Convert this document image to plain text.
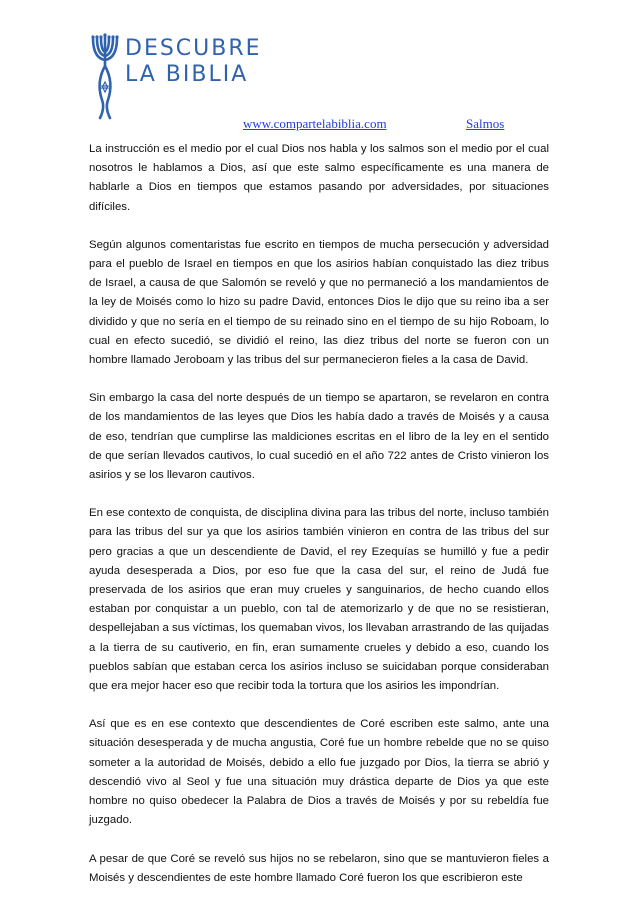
DESCUBRE
LA BIBLIA
www.compartelabiblia.com	Salmos

La instrucción es el medio por el cual Dios nos habla y los salmos son el medio por el cual nosotros le hablamos a Dios, así que este salmo específicamente es una manera de hablarle a Dios en tiempos que estamos pasando por adversidades, por situaciones difíciles.

Según algunos comentaristas fue escrito en tiempos de mucha persecución y adversidad para el pueblo de Israel en tiempos en que los asirios habían conquistado las diez tribus de Israel, a causa de que Salomón se reveló y que no permaneció a los mandamientos de la ley de Moisés como lo hizo su padre David, entonces Dios le dijo que su reino iba a ser dividido y que no sería en el tiempo de su reinado sino en el tiempo de su hijo Roboam, lo cual en efecto sucedió, se dividió el reino, las diez tribus del norte se fueron con un hombre llamado Jeroboam y las tribus del sur permanecieron fieles a la casa de David.

Sin embargo la casa del norte después de un tiempo se apartaron, se revelaron en contra de los mandamientos de las leyes que Dios les había dado a través de Moisés y a causa de eso, tendrían que cumplirse las maldiciones escritas en el libro de la ley en el sentido de que serían llevados cautivos, lo cual sucedió en el año 722 antes de Cristo vinieron los asirios y se los llevaron cautivos.

En ese contexto de conquista, de disciplina divina para las tribus del norte, incluso también para las tribus del sur ya que los asirios también vinieron en contra de las tribus del sur pero gracias a que un descendiente de David, el rey Ezequías se humilló y fue a pedir ayuda desesperada a Dios, por eso fue que la casa del sur, el reino de Judá fue preservada de los asirios que eran muy crueles y sanguinarios, de hecho cuando ellos estaban por conquistar a un pueblo, con tal de atemorizarlo y de que no se resistieran, despellejaban a sus víctimas, los quemaban vivos, los llevaban arrastrando de las quijadas a la tierra de su cautiverio, en fin, eran sumamente crueles y debido a eso, cuando los pueblos sabían que estaban cerca los asirios incluso se suicidaban porque consideraban que era mejor hacer eso que recibir toda la tortura que los asirios les impondrían.

Así que es en ese contexto que descendientes de Coré escriben este salmo, ante una situación desesperada y de mucha angustia, Coré fue un hombre rebelde que no se quiso someter a la autoridad de Moisés, debido a ello fue juzgado por Dios, la tierra se abrió y descendió vivo al Seol y fue una situación muy drástica departe de Dios ya que este hombre no quiso obedecer la Palabra de Dios a través de Moisés y por su rebeldía fue juzgado.

A pesar de que Coré se reveló sus hijos no se rebelaron, sino que se mantuvieron fieles a Moisés y descendientes de este hombre llamado Coré fueron los que escribieron este
